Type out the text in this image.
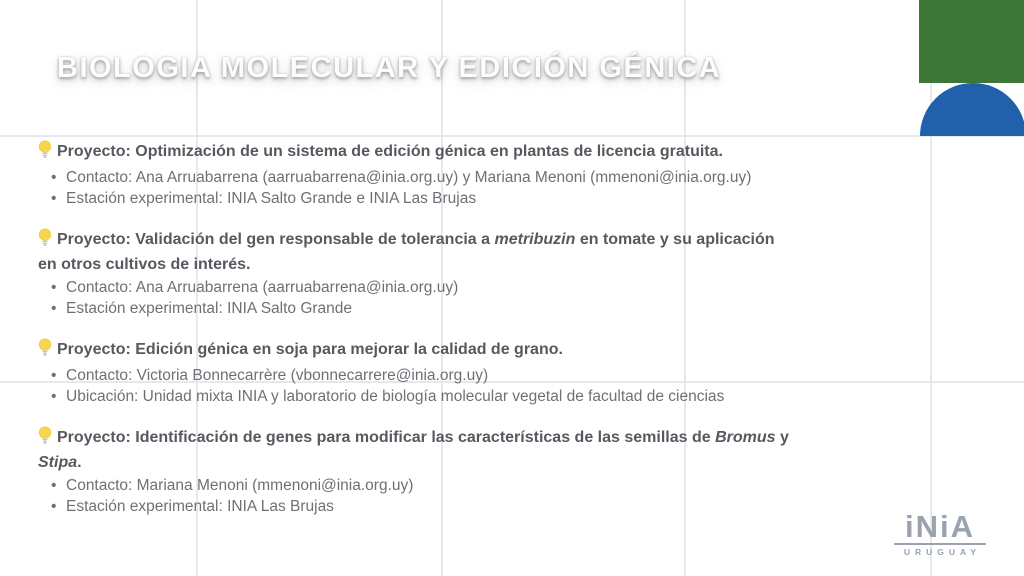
BIOLOGIA MOLECULAR Y EDICIÓN GÉNICA
Proyecto: Optimización de un sistema de edición génica en plantas de licencia gratuita.
• Contacto: Ana Arruabarrena (aarruabarrena@inia.org.uy) y Mariana Menoni (mmenoni@inia.org.uy)
• Estación experimental: INIA Salto Grande e INIA Las Brujas
Proyecto: Validación del gen responsable de tolerancia a metribuzin en tomate y su aplicación
en otros cultivos de interés.
• Contacto: Ana Arruabarrena (aarruabarrena@inia.org.uy)
• Estación experimental: INIA Salto Grande
Proyecto: Edición génica en soja para mejorar la calidad de grano.
• Contacto: Victoria Bonnecarrère (vbonnecarrere@inia.org.uy)
• Ubicación: Unidad mixta INIA y laboratorio de biología molecular vegetal de facultad de ciencias
Proyecto: Identificación de genes para modificar las características de las semillas de Bromus y
Stipa.
• Contacto: Mariana Menoni (mmenoni@inia.org.uy)
• Estación experimental: INIA Las Brujas
iNiA
URUGUAY
